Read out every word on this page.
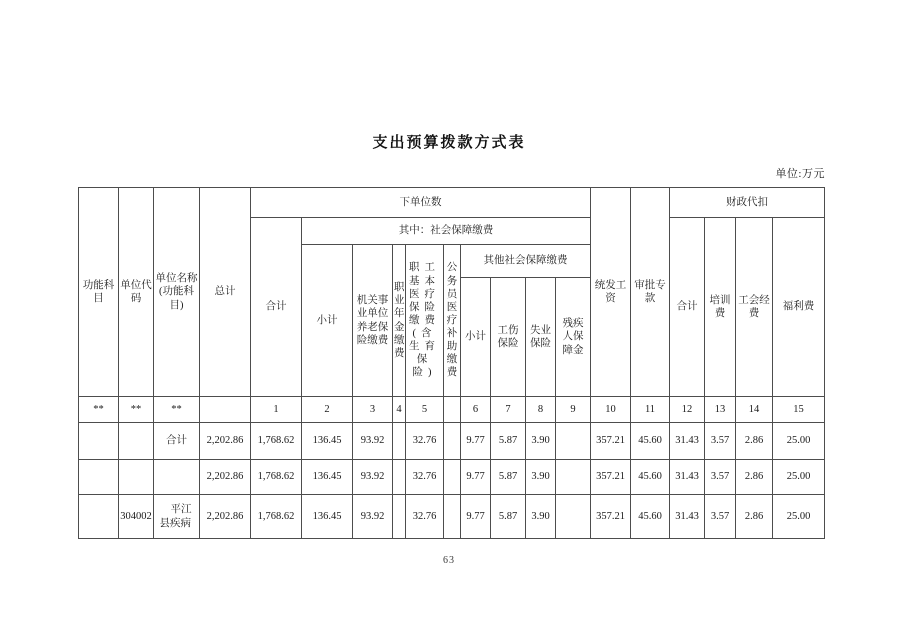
支出预算拨款方式表
单位:万元
功能科目	单位代码	单位名称(功能科目)	总计	下单位数										统发工资	审批专款	财政代扣			
				合计	其中：社会保障缴费											合计	培训费	工会经费	福利费
					小计	机关事业单位养老保险缴费	职业年金缴费	职工基本医疗保险缴费(含生育保险)	公务员医疗补助缴费	其他社会保障缴费									
										小计	工伤保险	失业保险	残疾人保障金						
**	**	**		1	2	3	4	5		6	7	8	9	10	11	12	13	14	15
		合计	2,202.86	1,768.62	136.45	93.92		32.76		9.77	5.87	3.90		357.21	45.60	31.43	3.57	2.86	25.00
			2,202.86	1,768.62	136.45	93.92		32.76		9.77	5.87	3.90		357.21	45.60	31.43	3.57	2.86	25.00
	304002	平江县疾病	2,202.86	1,768.62	136.45	93.92		32.76		9.77	5.87	3.90		357.21	45.60	31.43	3.57	2.86	25.00
63
